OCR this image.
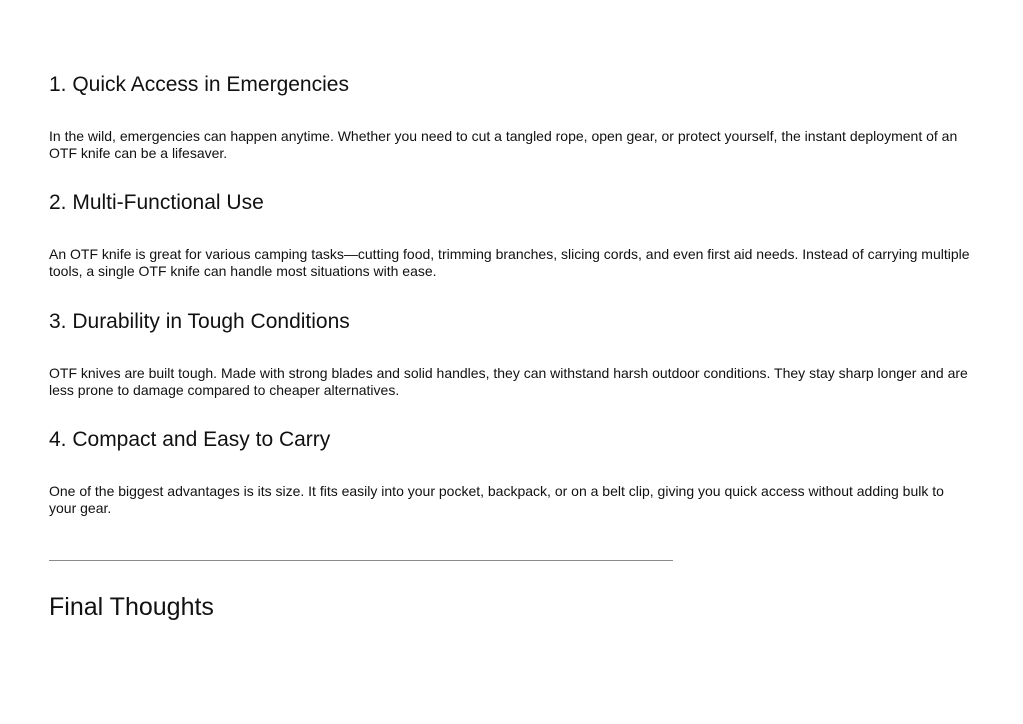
1. Quick Access in Emergencies

In the wild, emergencies can happen anytime. Whether you need to cut a tangled rope, open gear, or protect yourself, the instant deployment of an OTF knife can be a lifesaver.

2. Multi-Functional Use

An OTF knife is great for various camping tasks—cutting food, trimming branches, slicing cords, and even first aid needs. Instead of carrying multiple tools, a single OTF knife can handle most situations with ease.

3. Durability in Tough Conditions

OTF knives are built tough. Made with strong blades and solid handles, they can withstand harsh outdoor conditions. They stay sharp longer and are less prone to damage compared to cheaper alternatives.

4. Compact and Easy to Carry

One of the biggest advantages is its size. It fits easily into your pocket, backpack, or on a belt clip, giving you quick access without adding bulk to your gear.

Final Thoughts
